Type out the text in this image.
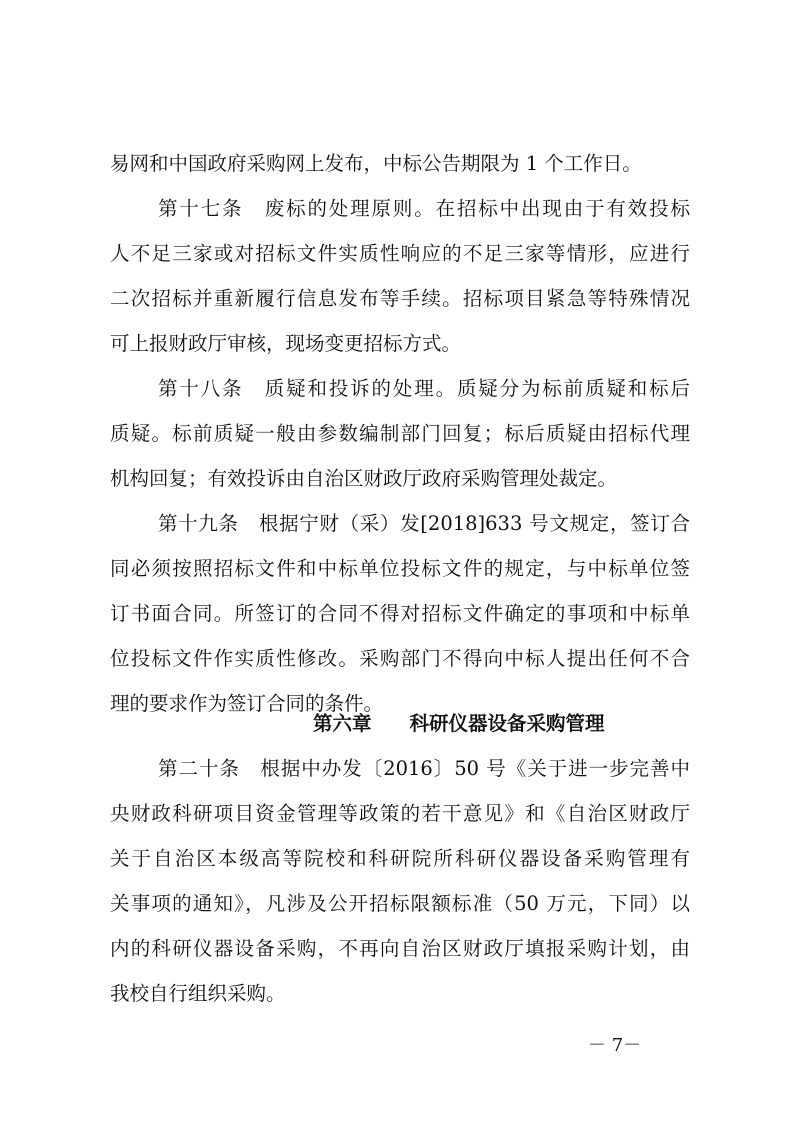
易网和中国政府采购网上发布，中标公告期限为 1 个工作日。
第十七条　废标的处理原则。在招标中出现由于有效投标
人不足三家或对招标文件实质性响应的不足三家等情形，应进行
二次招标并重新履行信息发布等手续。招标项目紧急等特殊情况
可上报财政厅审核，现场变更招标方式。
第十八条　质疑和投诉的处理。质疑分为标前质疑和标后
质疑。标前质疑一般由参数编制部门回复；标后质疑由招标代理
机构回复；有效投诉由自治区财政厅政府采购管理处裁定。
第十九条　根据宁财（采）发[2018]633 号文规定，签订合
同必须按照招标文件和中标单位投标文件的规定，与中标单位签
订书面合同。所签订的合同不得对招标文件确定的事项和中标单
位投标文件作实质性修改。采购部门不得向中标人提出任何不合
理的要求作为签订合同的条件。
第六章 科研仪器设备采购管理
第二十条　根据中办发〔2016〕50 号《关于进一步完善中
央财政科研项目资金管理等政策的若干意见》和《自治区财政厅
关于自治区本级高等院校和科研院所科研仪器设备采购管理有
关事项的通知》，凡涉及公开招标限额标准（50 万元，下同）以
内的科研仪器设备采购，不再向自治区财政厅填报采购计划，由
我校自行组织采购。
－ 7－
